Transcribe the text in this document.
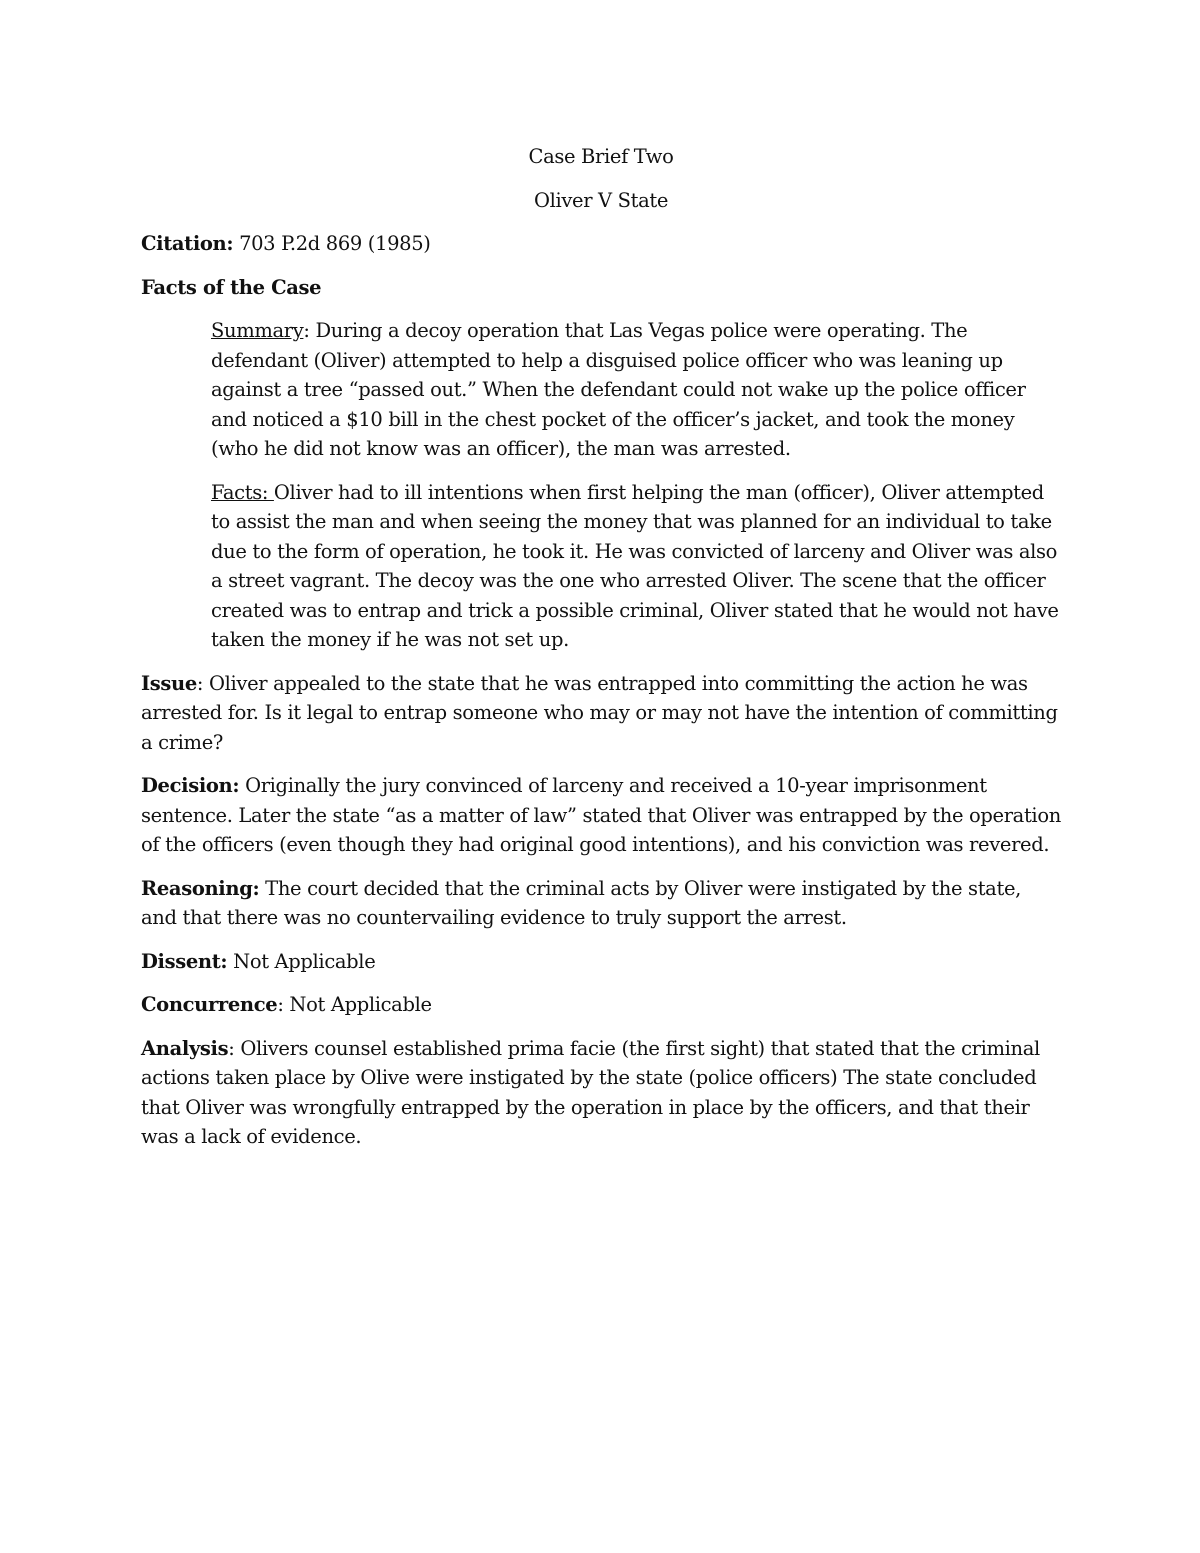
Case Brief Two

Oliver V State

Citation: 703 P.2d 869 (1985)

Facts of the Case

Summary: During a decoy operation that Las Vegas police were operating. The defendant (Oliver) attempted to help a disguised police officer who was leaning up against a tree “passed out.” When the defendant could not wake up the police officer and noticed a $10 bill in the chest pocket of the officer’s jacket, and took the money (who he did not know was an officer), the man was arrested.

Facts: Oliver had to ill intentions when first helping the man (officer), Oliver attempted to assist the man and when seeing the money that was planned for an individual to take due to the form of operation, he took it. He was convicted of larceny and Oliver was also a street vagrant. The decoy was the one who arrested Oliver. The scene that the officer created was to entrap and trick a possible criminal, Oliver stated that he would not have taken the money if he was not set up.

Issue: Oliver appealed to the state that he was entrapped into committing the action he was arrested for. Is it legal to entrap someone who may or may not have the intention of committing a crime?

Decision: Originally the jury convinced of larceny and received a 10-year imprisonment sentence. Later the state “as a matter of law” stated that Oliver was entrapped by the operation of the officers (even though they had original good intentions), and his conviction was revered.

Reasoning: The court decided that the criminal acts by Oliver were instigated by the state, and that there was no countervailing evidence to truly support the arrest.

Dissent: Not Applicable

Concurrence: Not Applicable

Analysis: Olivers counsel established prima facie (the first sight) that stated that the criminal actions taken place by Olive were instigated by the state (police officers) The state concluded that Oliver was wrongfully entrapped by the operation in place by the officers, and that their was a lack of evidence.
